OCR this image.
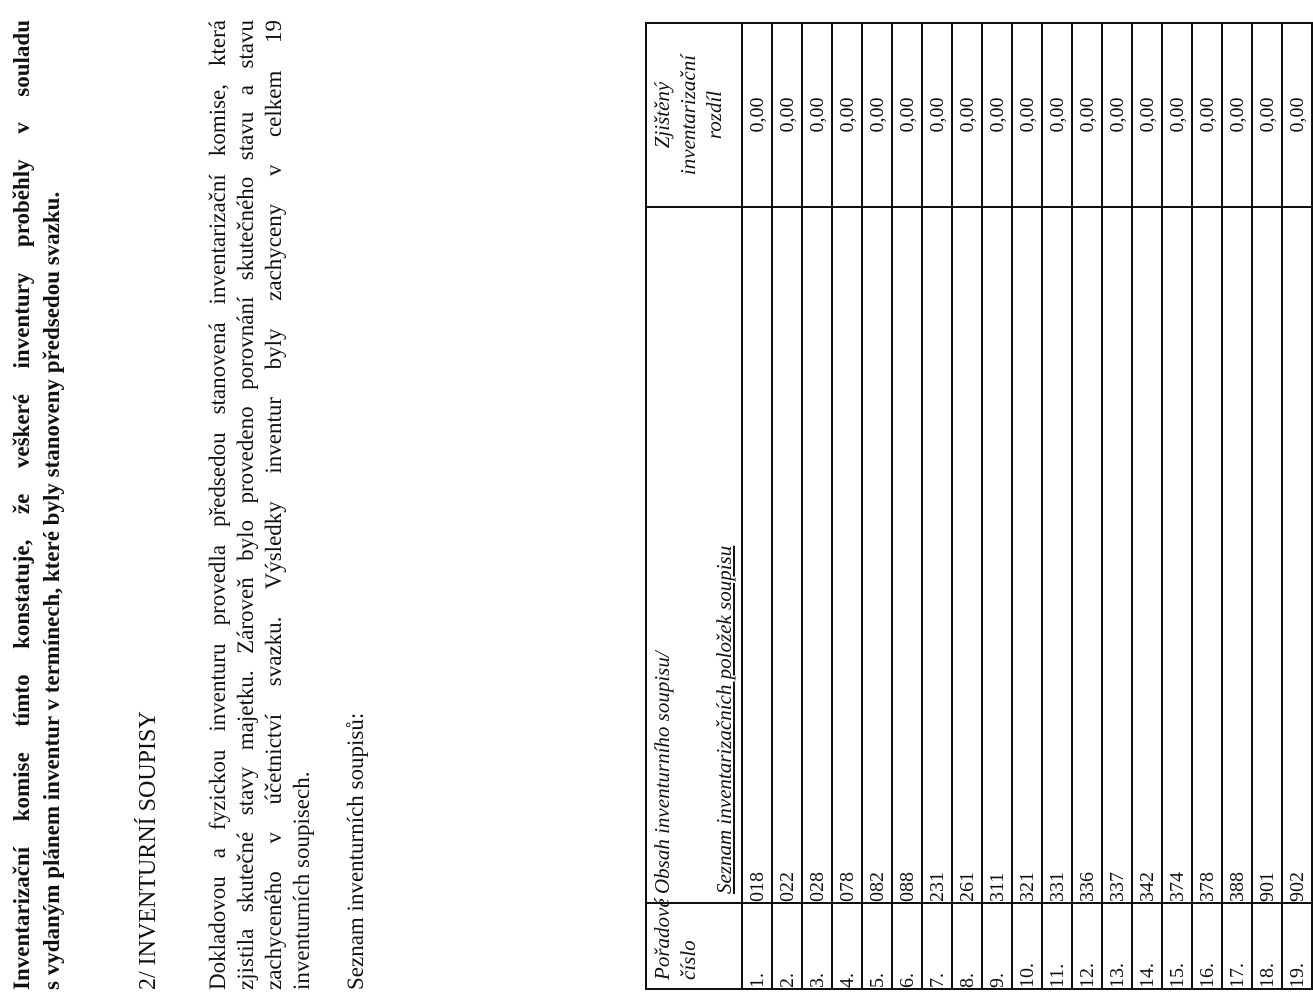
Inventarizační komise tímto konstatuje, že veškeré inventury proběhly v souladu s vydaným plánem inventur v termínech, které byly stanoveny předsedou svazku.	2/ INVENTURNÍ SOUPISY Dokladovou a fyzickou inventuru provedla předsedou stanovená inventarizační komise, která zjistila skutečné stavy majetku. Zároveň bylo provedeno porovnání skutečného stavu a stavu zachyceného v účetnictví svazku. Výsledky inventur byly zachyceny v celkem 19 inventurních soupisech. Seznam inventurních soupisů:	Pořadové číslo	Obsah inventurního soupisu/ Seznam inventarizačních položek soupisu	Zjištěný inventarizační rozdíl
1.	018	0,00
2.	022	0,00
3.	028	0,00
4.	078	0,00
5.	082	0,00
6.	088	0,00
7.	231	0,00
8.	261	0,00
9.	311	0,00
10.	321	0,00
11.	331	0,00
12.	336	0,00
13.	337	0,00
14.	342	0,00
15.	374	0,00
16.	378	0,00
17.	388	0,00
18.	901	0,00
19.	902	0,00
